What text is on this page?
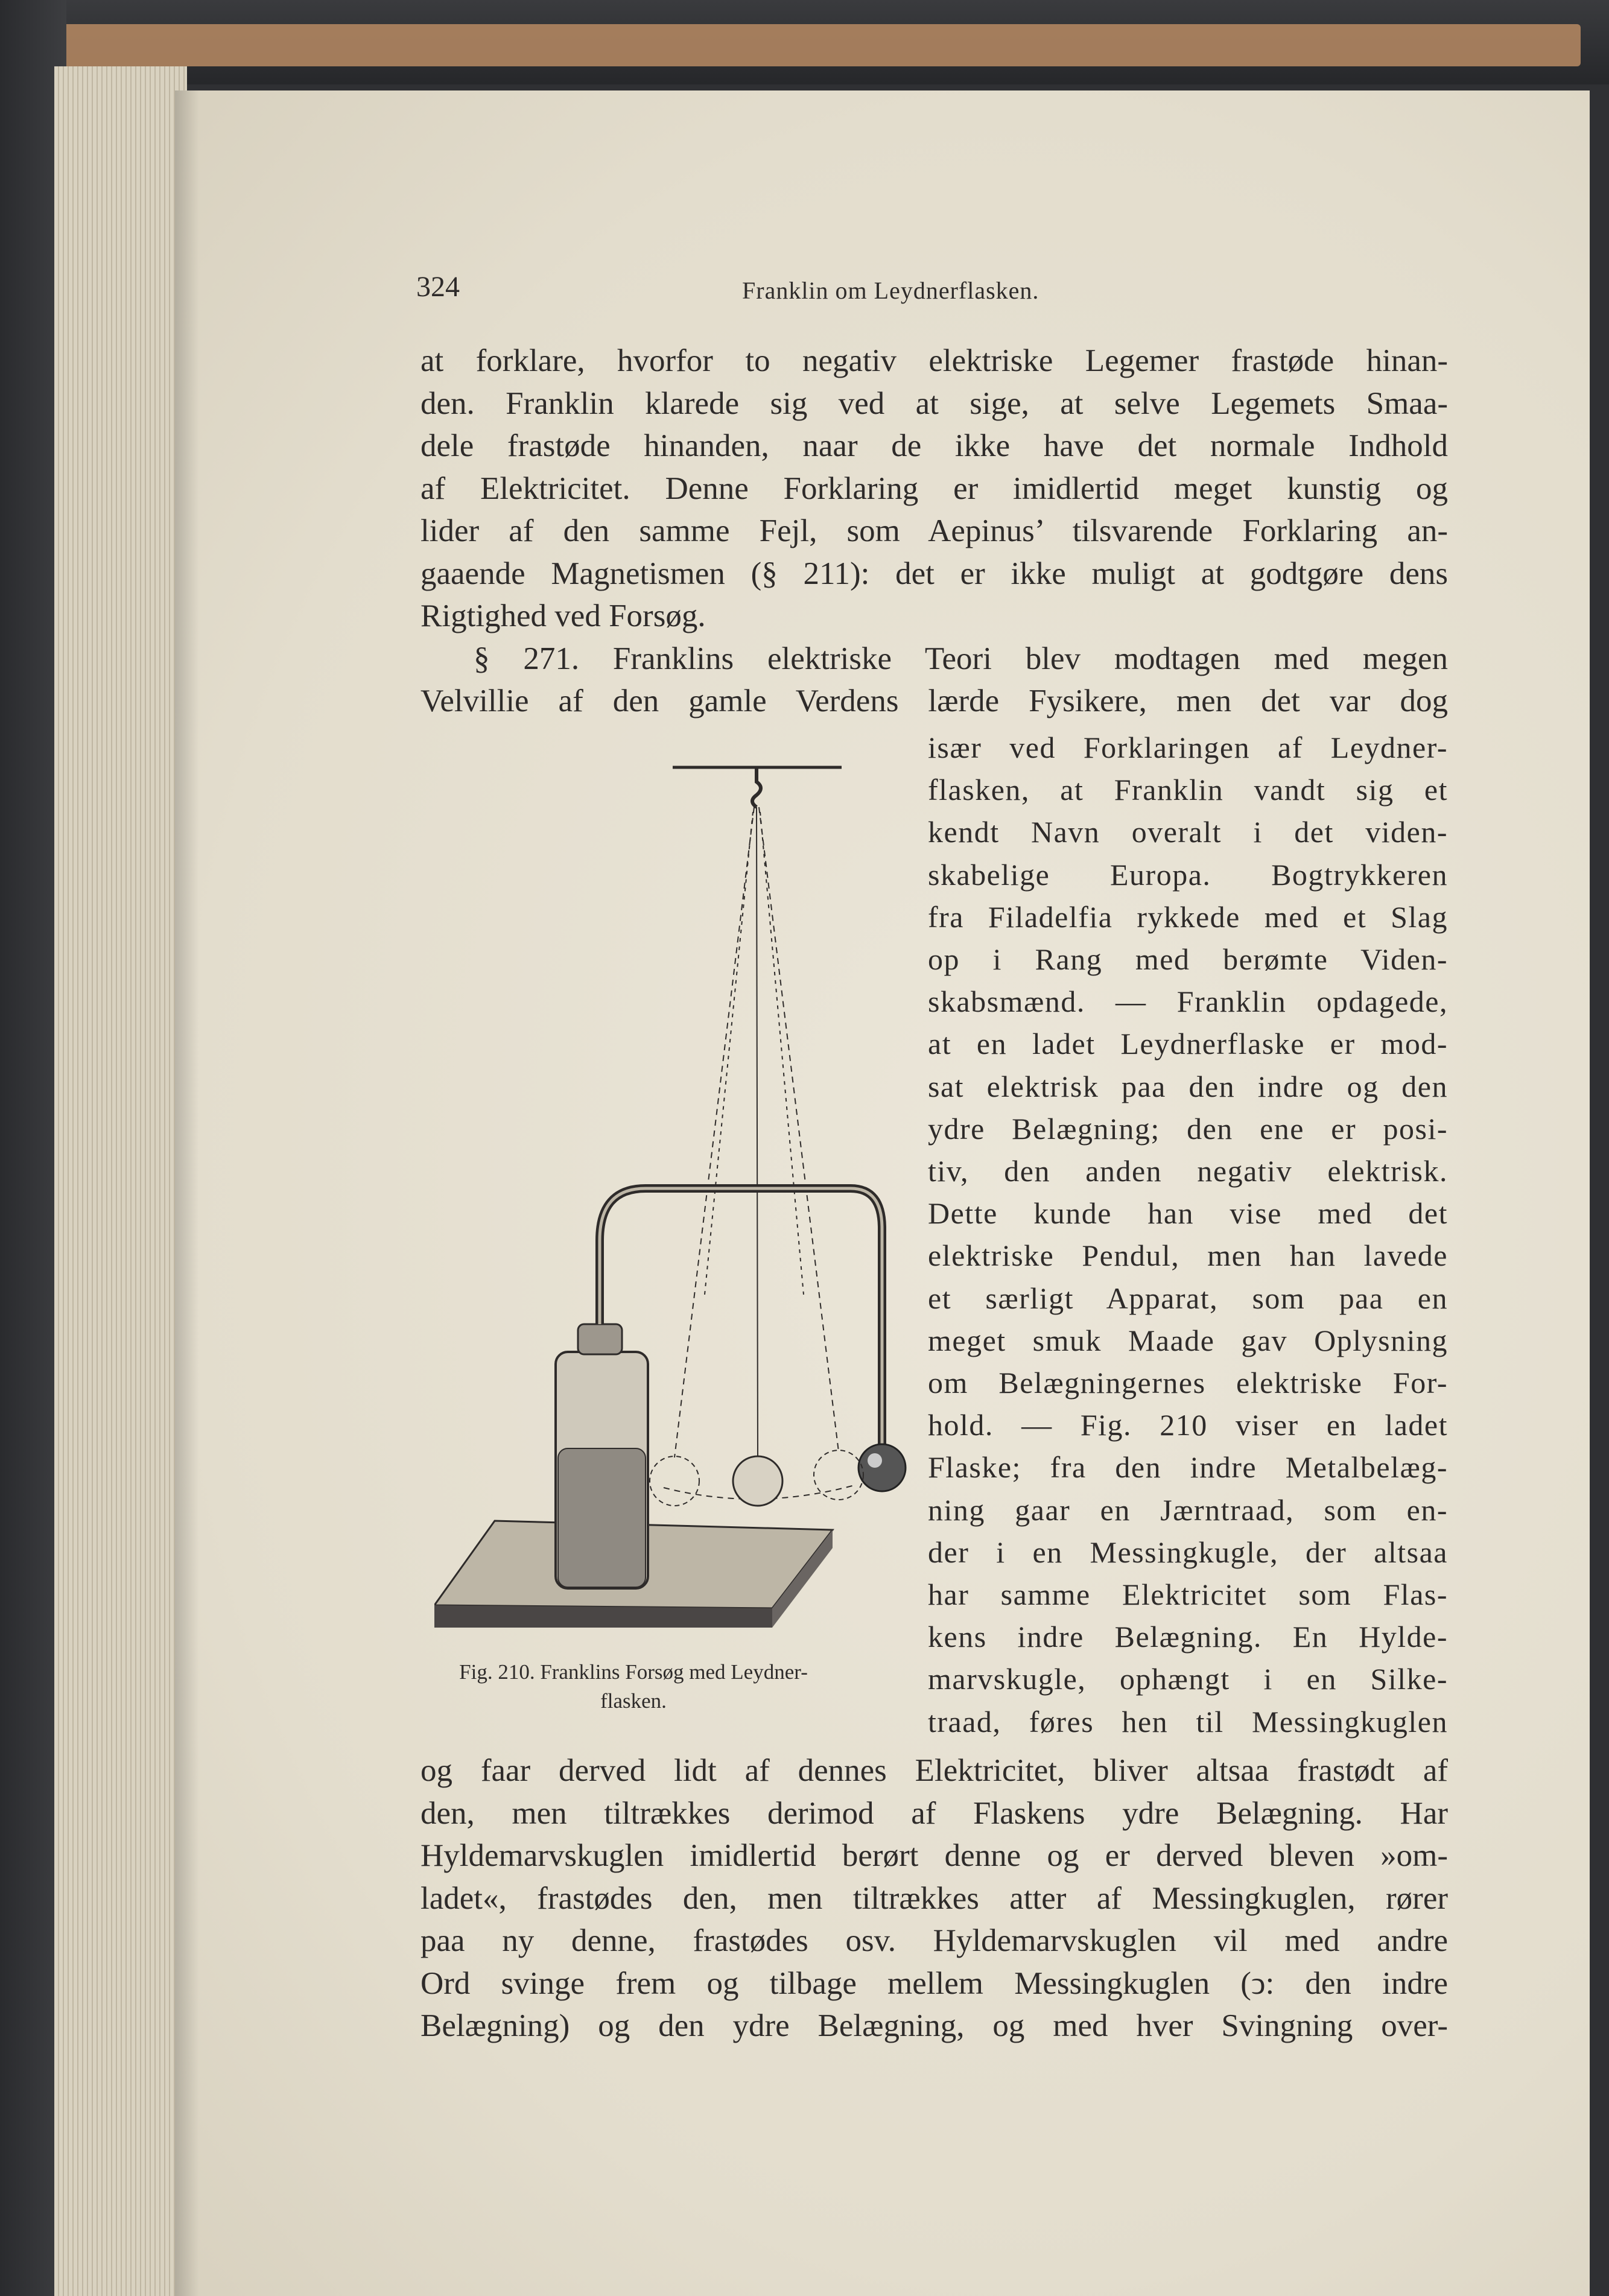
324	Franklin om Leydnerflasken.
at forklare, hvorfor to negativ elektriske Legemer frastøde hinan-
den. Franklin klarede sig ved at sige, at selve Legemets Smaa-
dele frastøde hinanden, naar de ikke have det normale Indhold
af Elektricitet. Denne Forklaring er imidlertid meget kunstig og
lider af den samme Fejl, som Aepinus’ tilsvarende Forklaring an-
gaaende Magnetismen (§ 211): det er ikke muligt at godtgøre dens
Rigtighed ved Forsøg.
§ 271. Franklins elektriske Teori blev modtagen med megen
Velvillie af den gamle Verdens lærde Fysikere, men det var dog
især ved Forklaringen af Leydner-
flasken, at Franklin vandt sig et
kendt Navn overalt i det viden-
skabelige Europa. Bogtrykkeren
fra Filadelfia rykkede med et Slag
op i Rang med berømte Viden-
skabsmænd. — Franklin opdagede,
at en ladet Leydnerflaske er mod-
sat elektrisk paa den indre og den
ydre Belægning; den ene er posi-
tiv, den anden negativ elektrisk.
Dette kunde han vise med det
elektriske Pendul, men han lavede
et særligt Apparat, som paa en
meget smuk Maade gav Oplysning
om Belægningernes elektriske For-
hold. — Fig. 210 viser en ladet
Flaske; fra den indre Metalbelæg-
ning gaar en Jærntraad, som en-
der i en Messingkugle, der altsaa
har samme Elektricitet som Flas-
kens indre Belægning. En Hylde-
marvskugle, ophængt i en Silke-
traad, føres hen til Messingkuglen
og faar derved lidt af dennes Elektricitet, bliver altsaa frastødt af
den, men tiltrækkes derimod af Flaskens ydre Belægning. Har
Hyldemarvskuglen imidlertid berørt denne og er derved bleven »om-
ladet«, frastødes den, men tiltrækkes atter af Messingkuglen, rører
paa ny denne, frastødes osv. Hyldemarvskuglen vil med andre
Ord svinge frem og tilbage mellem Messingkuglen (ↄ: den indre
Belægning) og den ydre Belægning, og med hver Svingning over-
Fig. 210. Franklins Forsøg med Leydner-
flasken.
